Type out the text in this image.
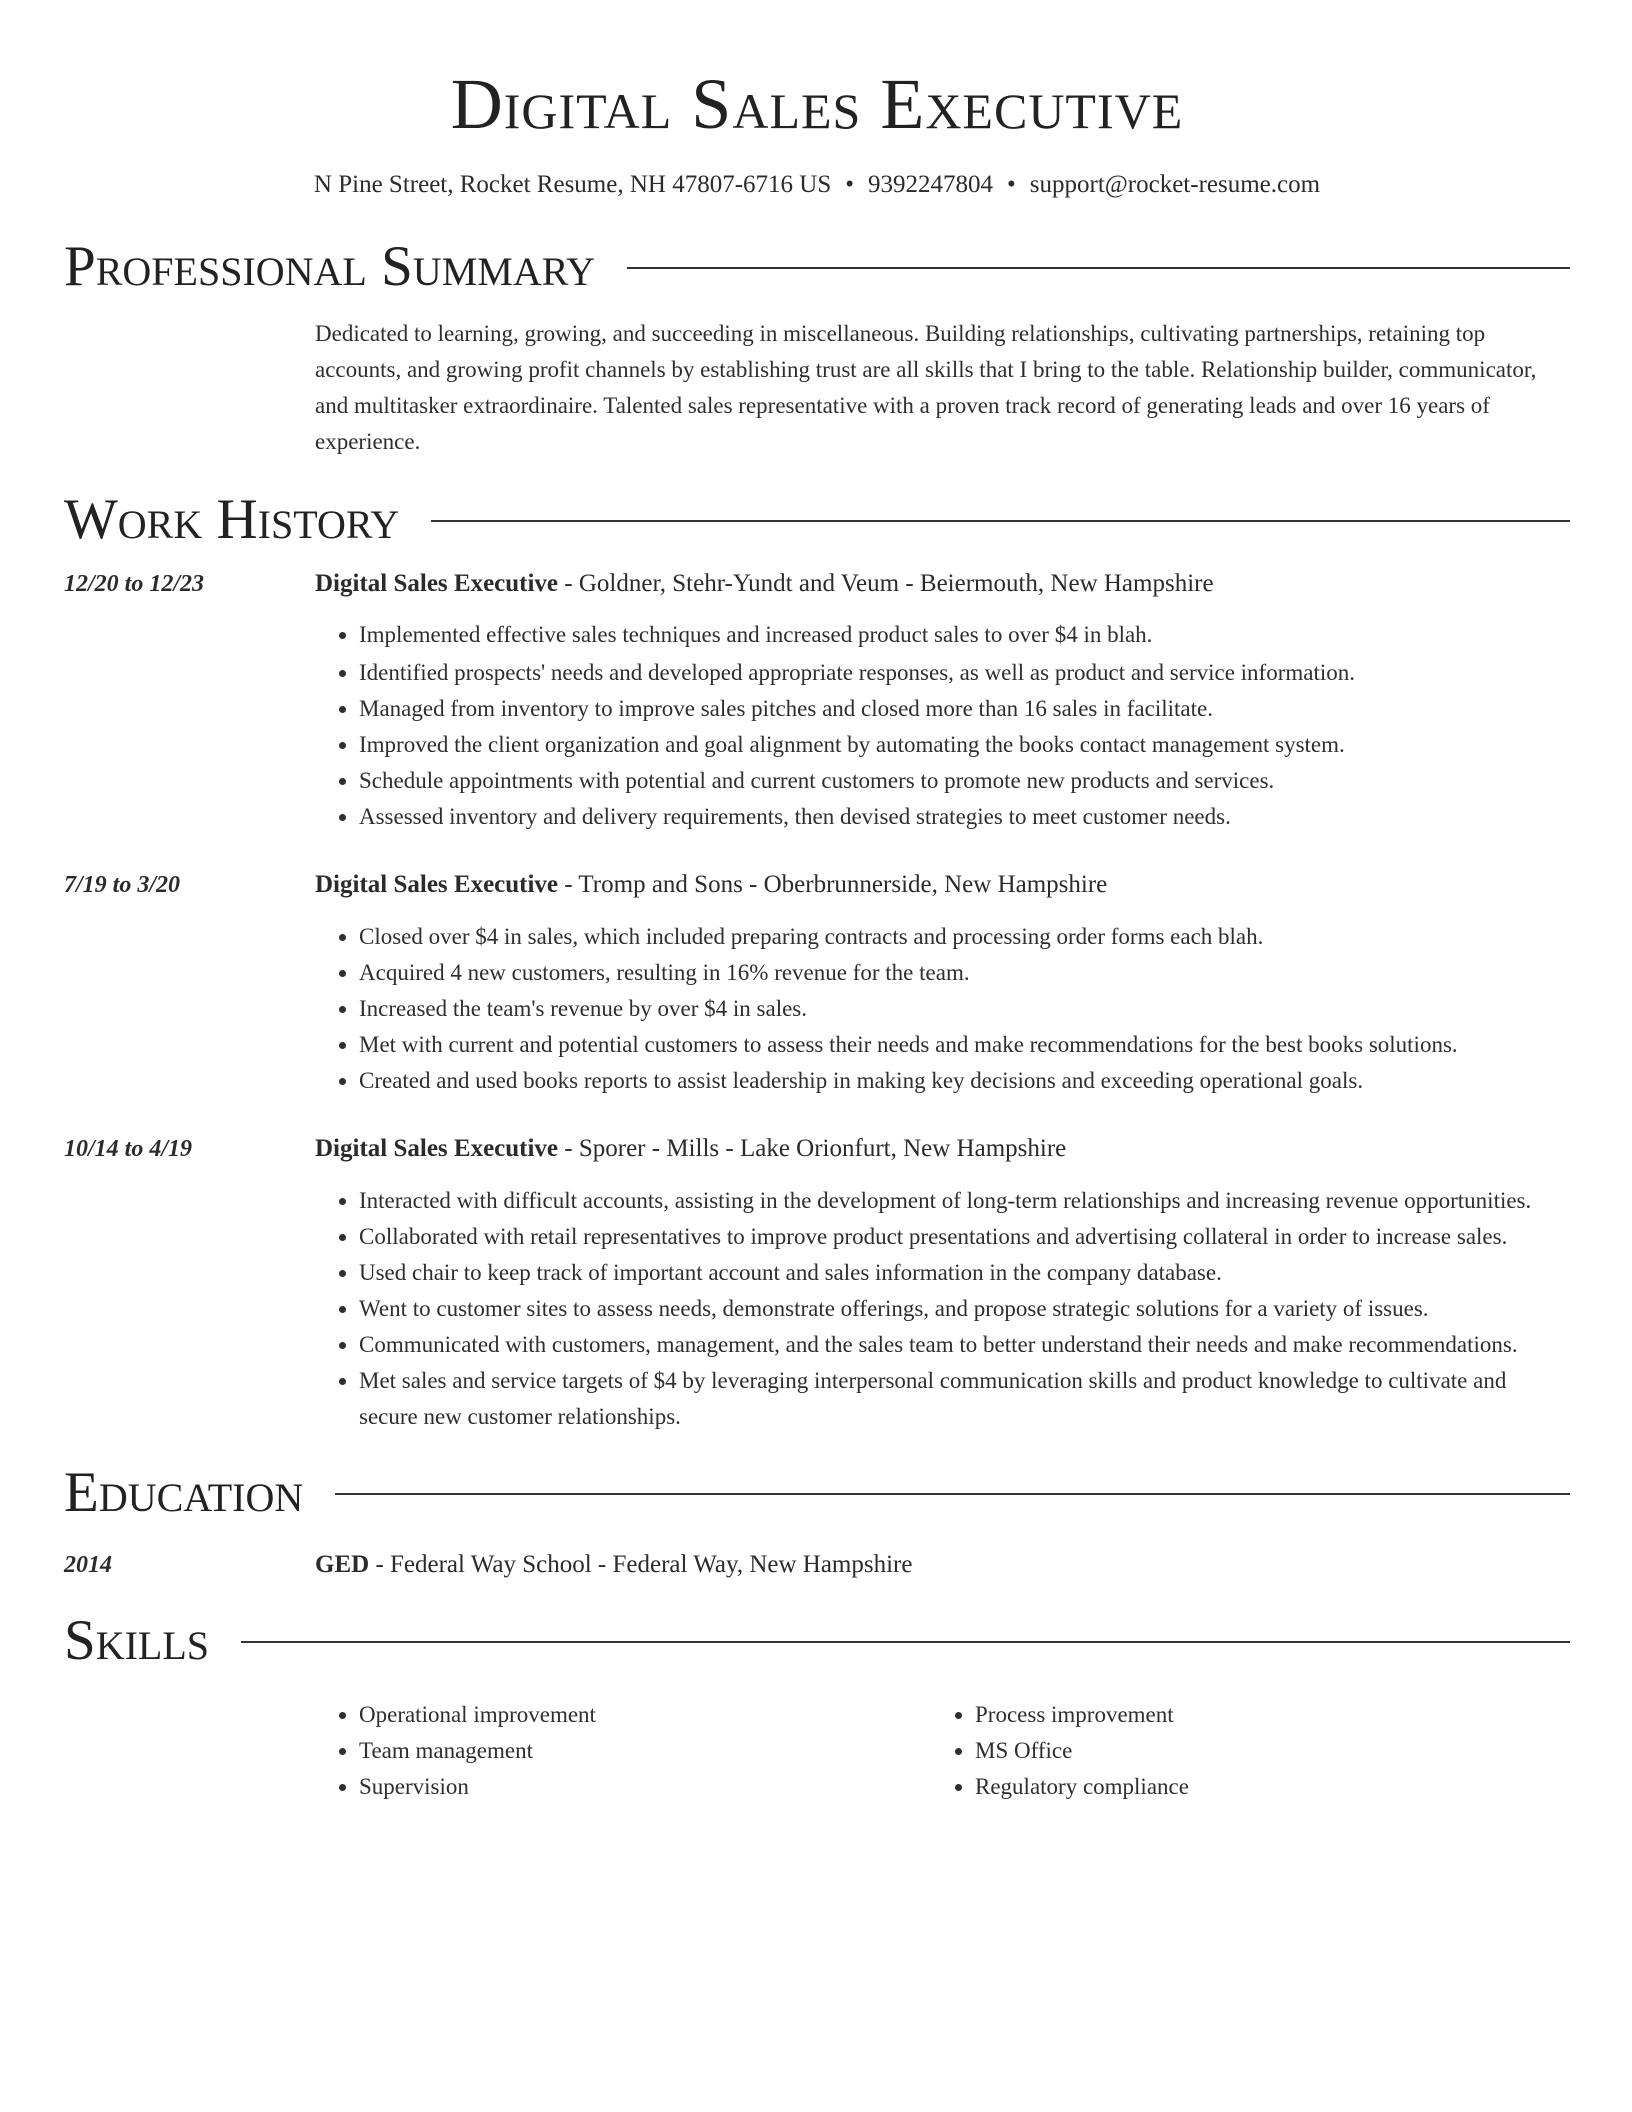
Digital Sales Executive
N Pine Street, Rocket Resume, NH 47807-6716 US • 9392247804 • support@rocket-resume.com
Professional Summary
Dedicated to learning, growing, and succeeding in miscellaneous. Building relationships, cultivating partnerships, retaining top accounts, and growing profit channels by establishing trust are all skills that I bring to the table. Relationship builder, communicator, and multitasker extraordinaire. Talented sales representative with a proven track record of generating leads and over 16 years of experience.
Work History
12/20 to 12/23	Digital Sales Executive - Goldner, Stehr-Yundt and Veum - Beiermouth, New Hampshire
• Implemented effective sales techniques and increased product sales to over $4 in blah.
• Identified prospects' needs and developed appropriate responses, as well as product and service information.
• Managed from inventory to improve sales pitches and closed more than 16 sales in facilitate.
• Improved the client organization and goal alignment by automating the books contact management system.
• Schedule appointments with potential and current customers to promote new products and services.
• Assessed inventory and delivery requirements, then devised strategies to meet customer needs.
7/19 to 3/20	Digital Sales Executive - Tromp and Sons - Oberbrunnerside, New Hampshire
• Closed over $4 in sales, which included preparing contracts and processing order forms each blah.
• Acquired 4 new customers, resulting in 16% revenue for the team.
• Increased the team's revenue by over $4 in sales.
• Met with current and potential customers to assess their needs and make recommendations for the best books solutions.
• Created and used books reports to assist leadership in making key decisions and exceeding operational goals.
10/14 to 4/19	Digital Sales Executive - Sporer - Mills - Lake Orionfurt, New Hampshire
• Interacted with difficult accounts, assisting in the development of long-term relationships and increasing revenue opportunities.
• Collaborated with retail representatives to improve product presentations and advertising collateral in order to increase sales.
• Used chair to keep track of important account and sales information in the company database.
• Went to customer sites to assess needs, demonstrate offerings, and propose strategic solutions for a variety of issues.
• Communicated with customers, management, and the sales team to better understand their needs and make recommendations.
• Met sales and service targets of $4 by leveraging interpersonal communication skills and product knowledge to cultivate and secure new customer relationships.
Education
2014	GED - Federal Way School - Federal Way, New Hampshire
Skills
• Operational improvement
• Team management
• Supervision
• Process improvement
• MS Office
• Regulatory compliance
